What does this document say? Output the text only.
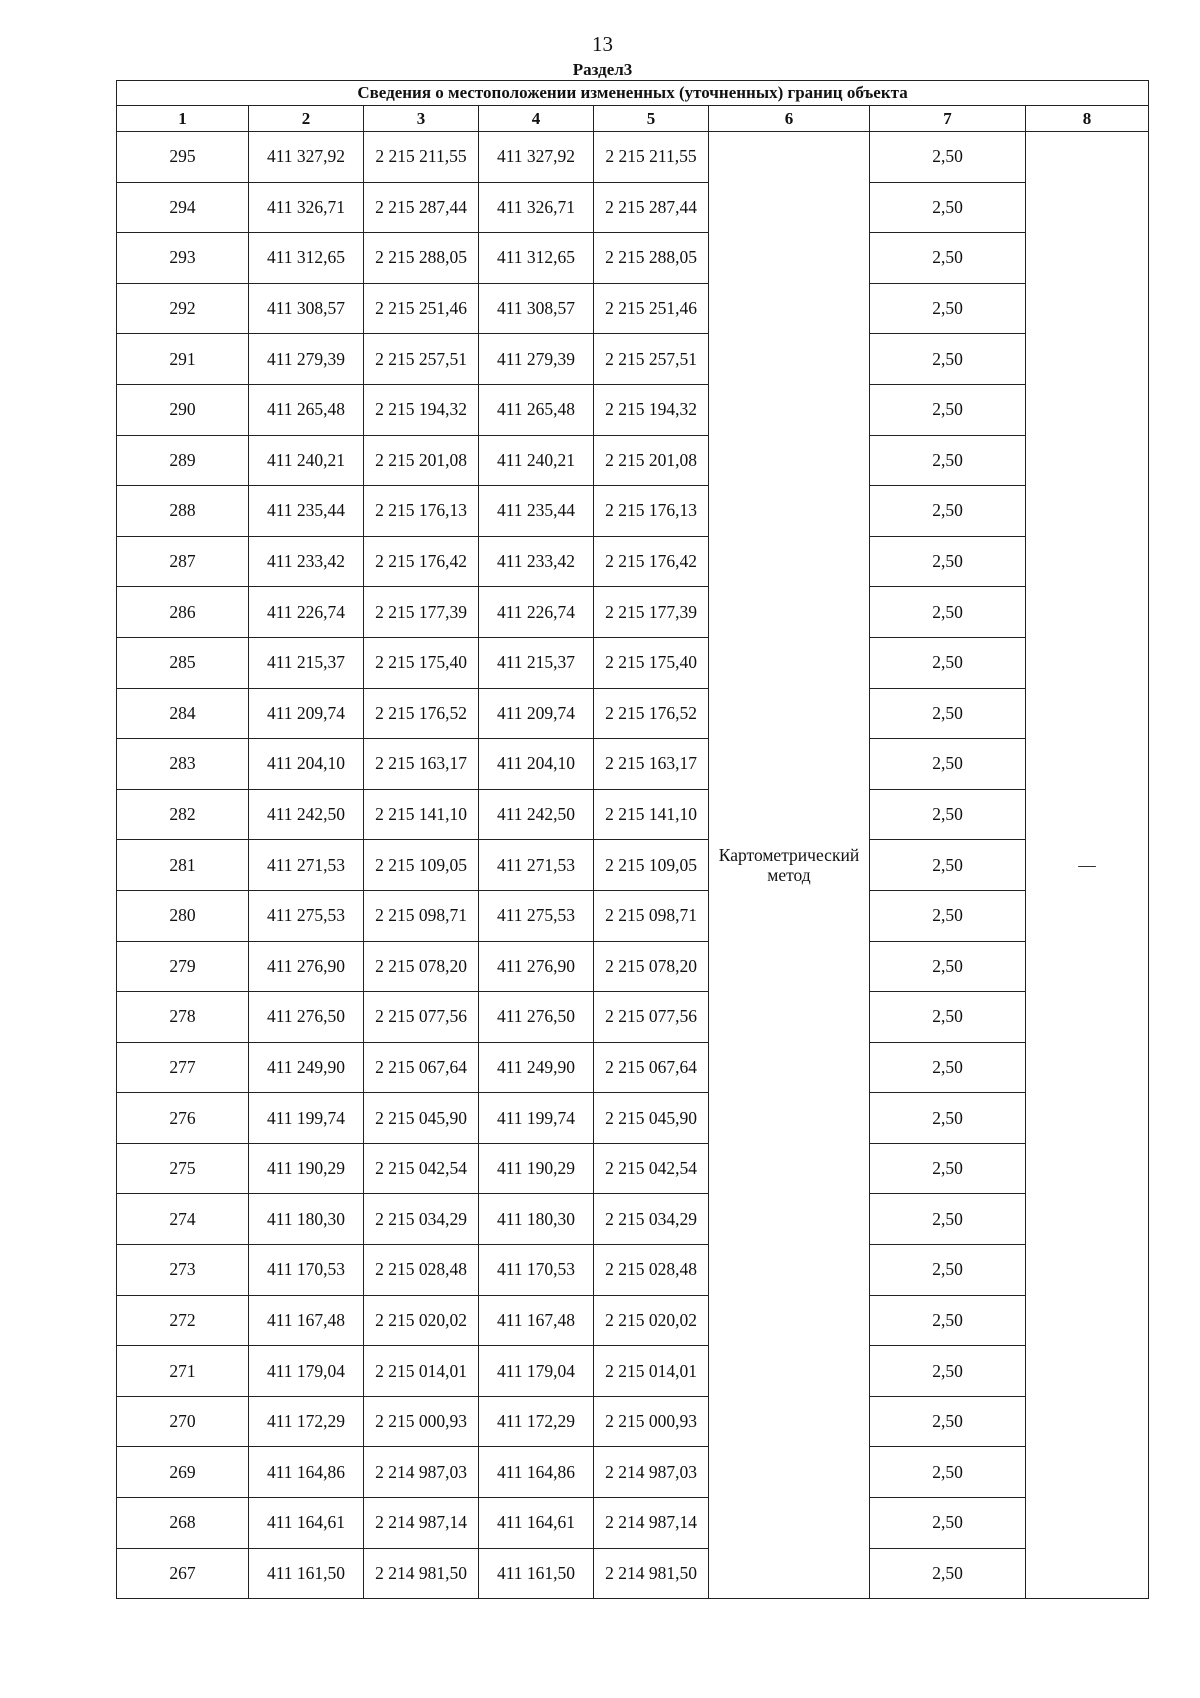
13
Раздел3
Сведения о местоположении измененных (уточненных) границ объекта							
1	2	3	4	5	6	7	8
295	411 327,92	2 215 211,55	411 327,92	2 215 211,55	Картометрический метод	2,50	—
294	411 326,71	2 215 287,44	411 326,71	2 215 287,44		2,50	
293	411 312,65	2 215 288,05	411 312,65	2 215 288,05		2,50	
292	411 308,57	2 215 251,46	411 308,57	2 215 251,46		2,50	
291	411 279,39	2 215 257,51	411 279,39	2 215 257,51		2,50	
290	411 265,48	2 215 194,32	411 265,48	2 215 194,32		2,50	
289	411 240,21	2 215 201,08	411 240,21	2 215 201,08		2,50	
288	411 235,44	2 215 176,13	411 235,44	2 215 176,13		2,50	
287	411 233,42	2 215 176,42	411 233,42	2 215 176,42		2,50	
286	411 226,74	2 215 177,39	411 226,74	2 215 177,39		2,50	
285	411 215,37	2 215 175,40	411 215,37	2 215 175,40		2,50	
284	411 209,74	2 215 176,52	411 209,74	2 215 176,52		2,50	
283	411 204,10	2 215 163,17	411 204,10	2 215 163,17		2,50	
282	411 242,50	2 215 141,10	411 242,50	2 215 141,10		2,50	
281	411 271,53	2 215 109,05	411 271,53	2 215 109,05		2,50	
280	411 275,53	2 215 098,71	411 275,53	2 215 098,71		2,50	
279	411 276,90	2 215 078,20	411 276,90	2 215 078,20		2,50	
278	411 276,50	2 215 077,56	411 276,50	2 215 077,56		2,50	
277	411 249,90	2 215 067,64	411 249,90	2 215 067,64		2,50	
276	411 199,74	2 215 045,90	411 199,74	2 215 045,90		2,50	
275	411 190,29	2 215 042,54	411 190,29	2 215 042,54		2,50	
274	411 180,30	2 215 034,29	411 180,30	2 215 034,29		2,50	
273	411 170,53	2 215 028,48	411 170,53	2 215 028,48		2,50	
272	411 167,48	2 215 020,02	411 167,48	2 215 020,02		2,50	
271	411 179,04	2 215 014,01	411 179,04	2 215 014,01		2,50	
270	411 172,29	2 215 000,93	411 172,29	2 215 000,93		2,50	
269	411 164,86	2 214 987,03	411 164,86	2 214 987,03		2,50	
268	411 164,61	2 214 987,14	411 164,61	2 214 987,14		2,50	
267	411 161,50	2 214 981,50	411 161,50	2 214 981,50		2,50	
